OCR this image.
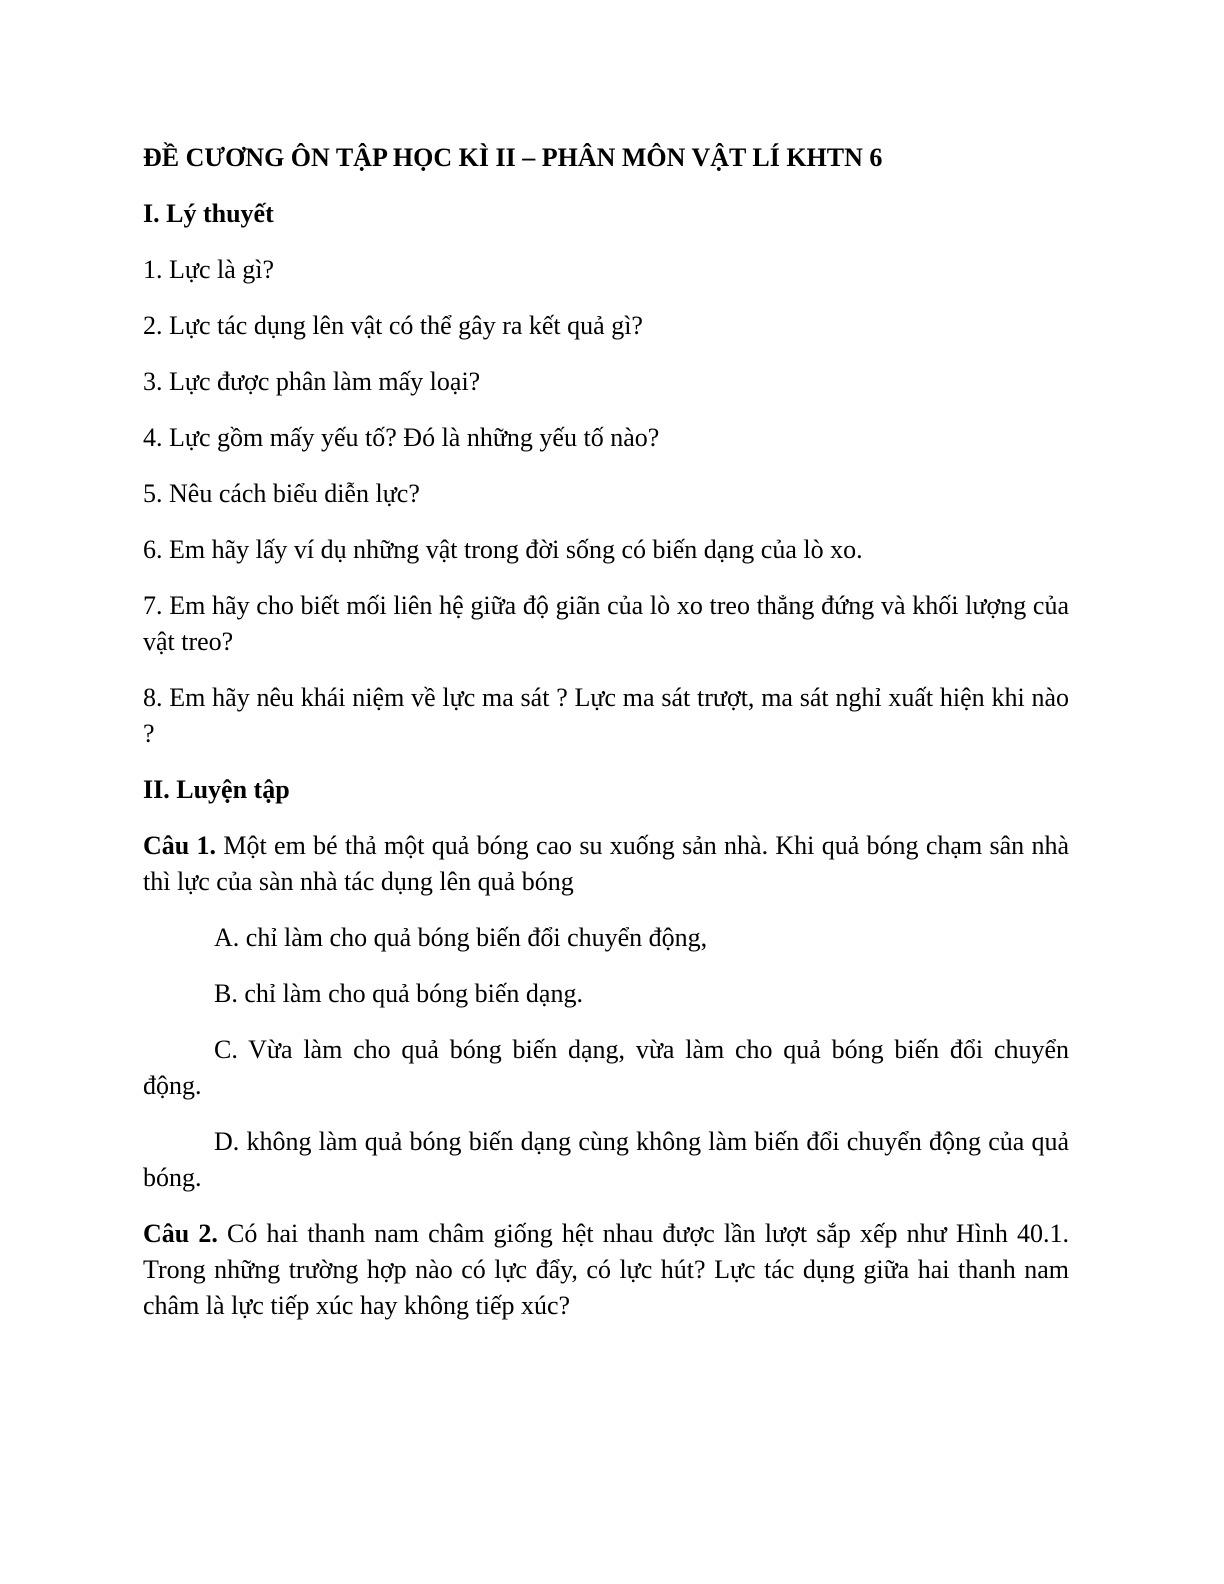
ĐỀ CƯƠNG ÔN TẬP HỌC KÌ II – PHÂN MÔN VẬT LÍ KHTN 6
I. Lý thuyết
1. Lực là gì?
2. Lực tác dụng lên vật có thể gây ra kết quả gì?
3. Lực được phân làm mấy loại?
4. Lực gồm mấy yếu tố? Đó là những yếu tố nào?
5. Nêu cách biểu diễn lực?
6. Em hãy lấy ví dụ những vật trong đời sống có biến dạng của lò xo.
7. Em hãy cho biết mối liên hệ giữa độ giãn của lò xo treo thẳng đứng và khối lượng của vật treo?
8. Em hãy nêu khái niệm về lực ma sát ? Lực ma sát trượt, ma sát nghỉ xuất hiện khi nào ?
II. Luyện tập
Câu 1. Một em bé thả một quả bóng cao su xuống sản nhà. Khi quả bóng chạm sân nhà thì lực của sàn nhà tác dụng lên quả bóng
A. chỉ làm cho quả bóng biến đổi chuyển động,
B. chỉ làm cho quả bóng biến dạng.
C. Vừa làm cho quả bóng biến dạng, vừa làm cho quả bóng biến đổi chuyển động.
D. không làm quả bóng biến dạng cùng không làm biến đổi chuyển động của quả bóng.
Câu 2. Có hai thanh nam châm giống hệt nhau được lần lượt sắp xếp như Hình 40.1. Trong những trường hợp nào có lực đẩy, có lực hút? Lực tác dụng giữa hai thanh nam châm là lực tiếp xúc hay không tiếp xúc?
